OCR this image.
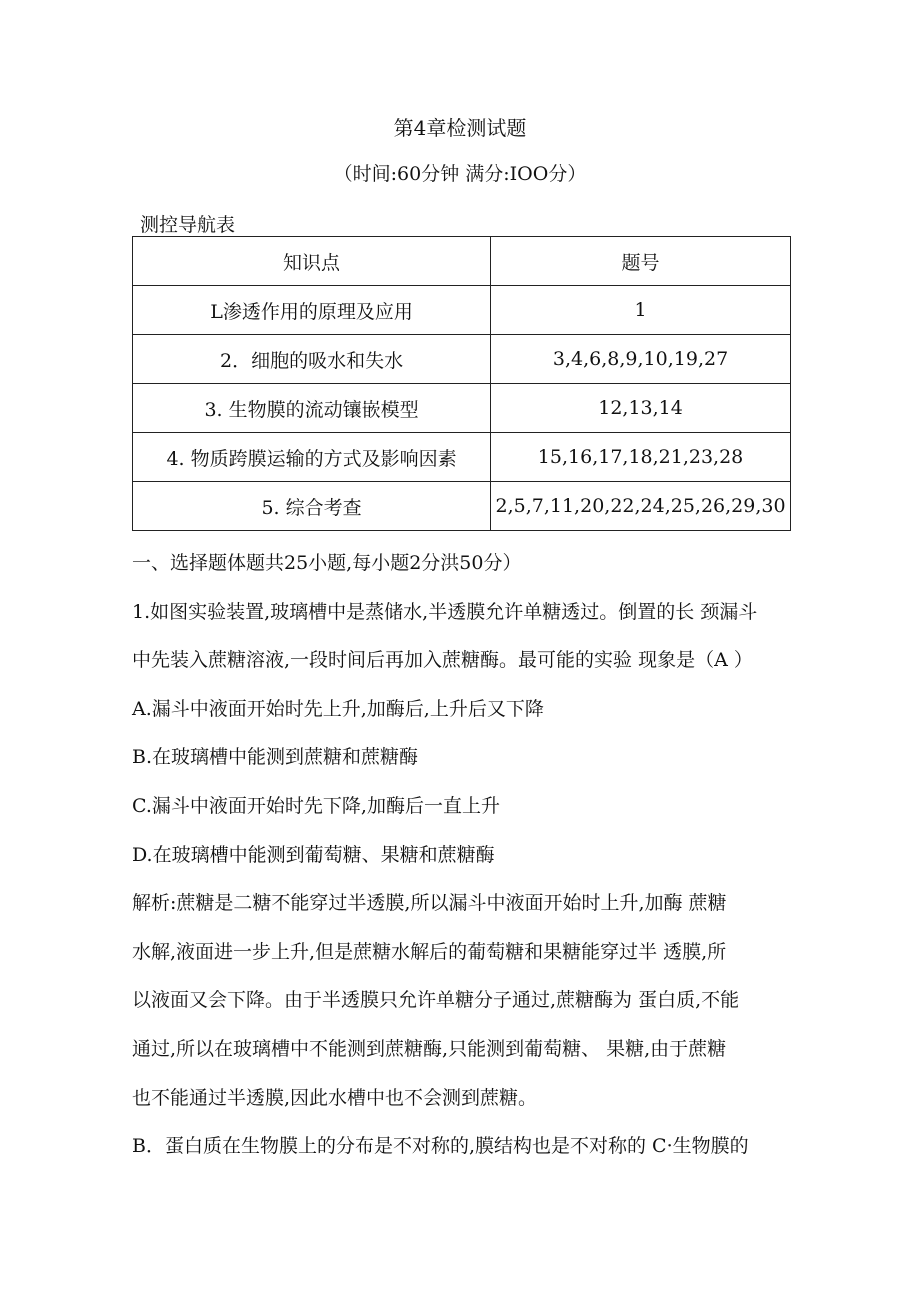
第4章检测试题
（时间:60分钟 满分:IOO分）
测控导航表
知识点	题号
L渗透作用的原理及应用	1
2．细胞的吸水和失水	3,4,6,8,9,10,19,27
3. 生物膜的流动镶嵌模型	12,13,14
4. 物质跨膜运输的方式及影响因素	15,16,17,18,21,23,28
5. 综合考查	2,5,7,11,20,22,24,25,26,29,30
一、选择题体题共25小题,每小题2分洪50分）
1.如图实验装置,玻璃槽中是蒸储水,半透膜允许单糖透过。倒置的长 颈漏斗
中先装入蔗糖溶液,一段时间后再加入蔗糖酶。最可能的实验 现象是（A ）
A.漏斗中液面开始时先上升,加酶后,上升后又下降
B.在玻璃槽中能测到蔗糖和蔗糖酶
C.漏斗中液面开始时先下降,加酶后一直上升
D.在玻璃槽中能测到葡萄糖、果糖和蔗糖酶
解析:蔗糖是二糖不能穿过半透膜,所以漏斗中液面开始时上升,加酶 蔗糖
水解,液面进一步上升,但是蔗糖水解后的葡萄糖和果糖能穿过半 透膜,所
以液面又会下降。由于半透膜只允许单糖分子通过,蔗糖酶为 蛋白质,不能
通过,所以在玻璃槽中不能测到蔗糖酶,只能测到葡萄糖、 果糖,由于蔗糖
也不能通过半透膜,因此水槽中也不会测到蔗糖。
B．蛋白质在生物膜上的分布是不对称的,膜结构也是不对称的 C·生物膜的
